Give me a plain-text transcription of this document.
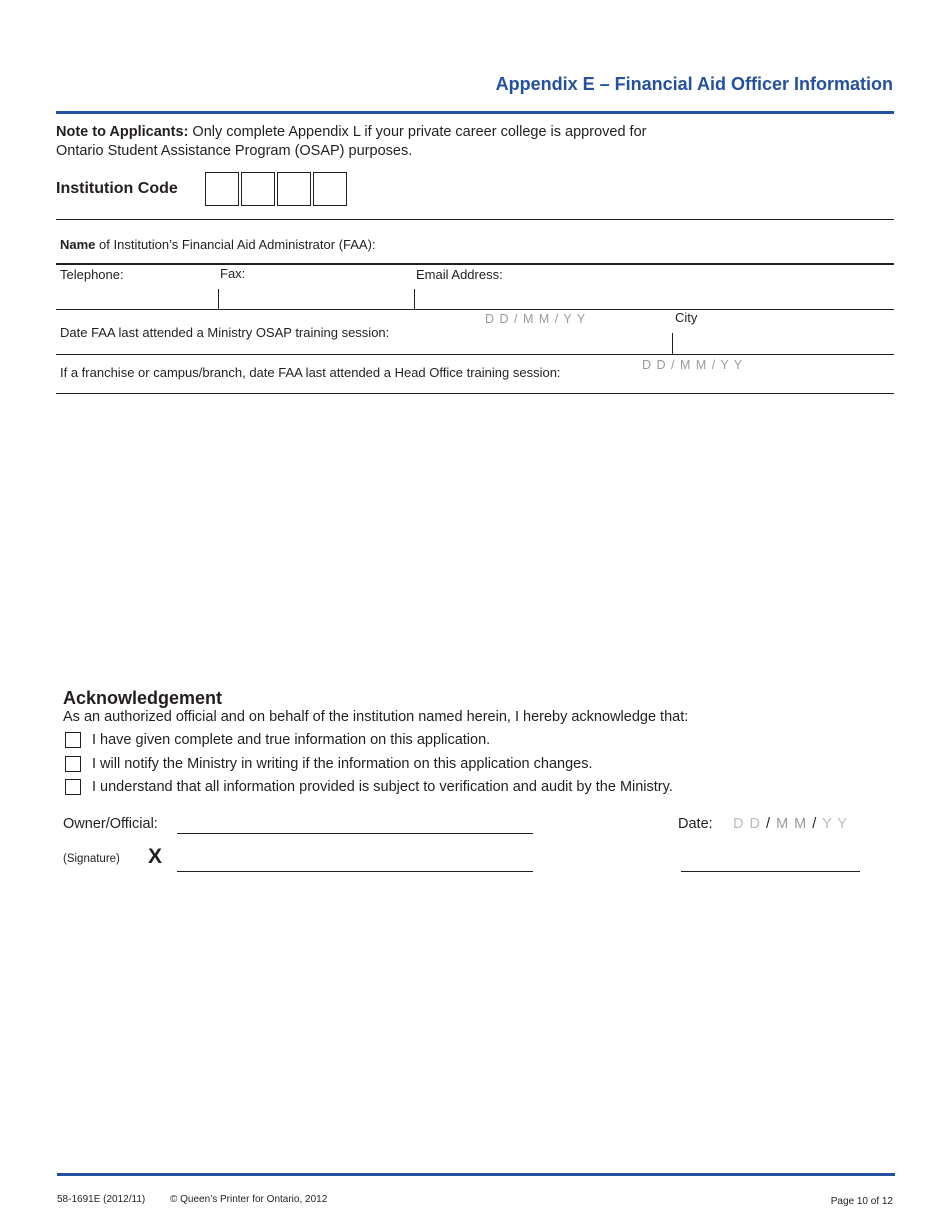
Appendix E – Financial Aid Officer Information
Note to Applicants: Only complete Appendix L if your private career college is approved for
Ontario Student Assistance Program (OSAP) purposes.
Institution Code
Name of Institution’s Financial Aid Administrator (FAA):
Telephone:	Fax:	Email Address:
Date FAA last attended a Ministry OSAP training session:
D D / M M / Y Y	City
If a franchise or campus/branch, date FAA last attended a Head Office training session:	D D / M M / Y Y
Acknowledgement
As an authorized official and on behalf of the institution named herein, I hereby acknowledge that:
I have given complete and true information on this application.
I will notify the Ministry in writing if the information on this application changes.
I understand that all information provided is subject to verification and audit by the Ministry.
Owner/Official:	Date: D D / M M / Y Y
(Signature) X
58-1691E (2012/11) © Queen’s Printer for Ontario, 2012	Page 10 of 12
